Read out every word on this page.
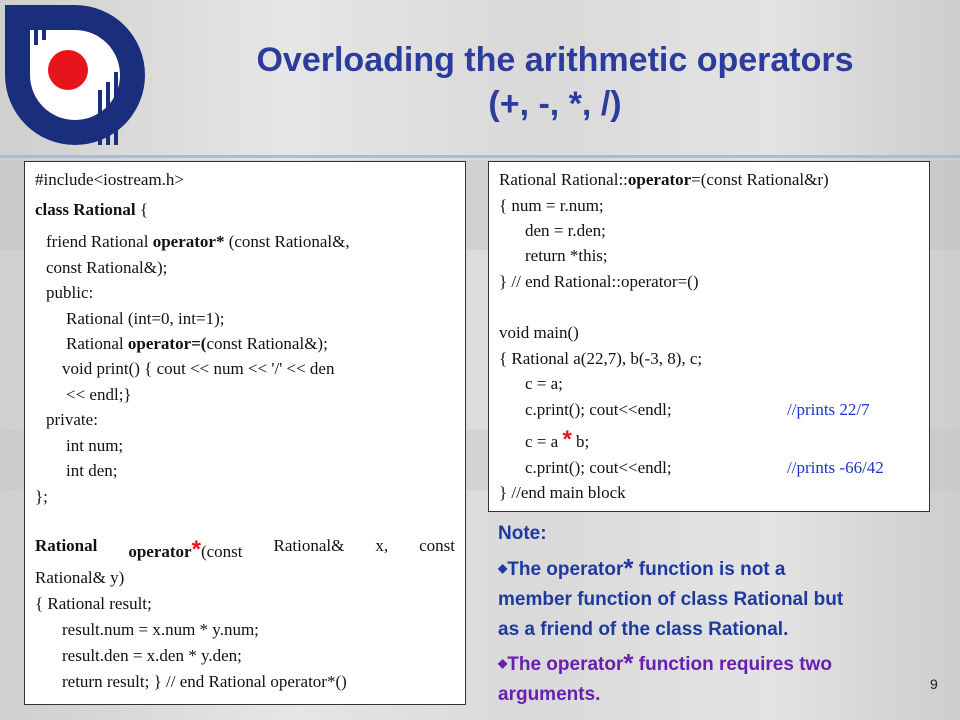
Overloading the arithmetic operators
(+, -, *, /)
#include<iostream.h>
class Rational {
friend Rational operator* (const Rational&,
const Rational&);
public:
Rational (int=0, int=1);
Rational operator=(const Rational&);
void print() { cout << num << '/' << den
<< endl;}
private:
int num;
int den;
};
Rational operator*(const Rational& x, const
Rational& y)
{ Rational result;
result.num = x.num * y.num;
result.den = x.den * y.den;
return result; } // end Rational operator*()
Rational Rational::operator=(const Rational&r)
{ num = r.num;
den = r.den;
return *this;
} // end Rational::operator=()
void main()
{ Rational a(22,7), b(-3, 8), c;
c = a;
c.print(); cout<<endl;	//prints 22/7
c = a * b;
c.print(); cout<<endl;	//prints -66/42
} //end main block
Note:
◆The operator* function is not a
member function of class Rational but
as a friend of the class Rational.
◆The operator* function requires two
arguments.	9
